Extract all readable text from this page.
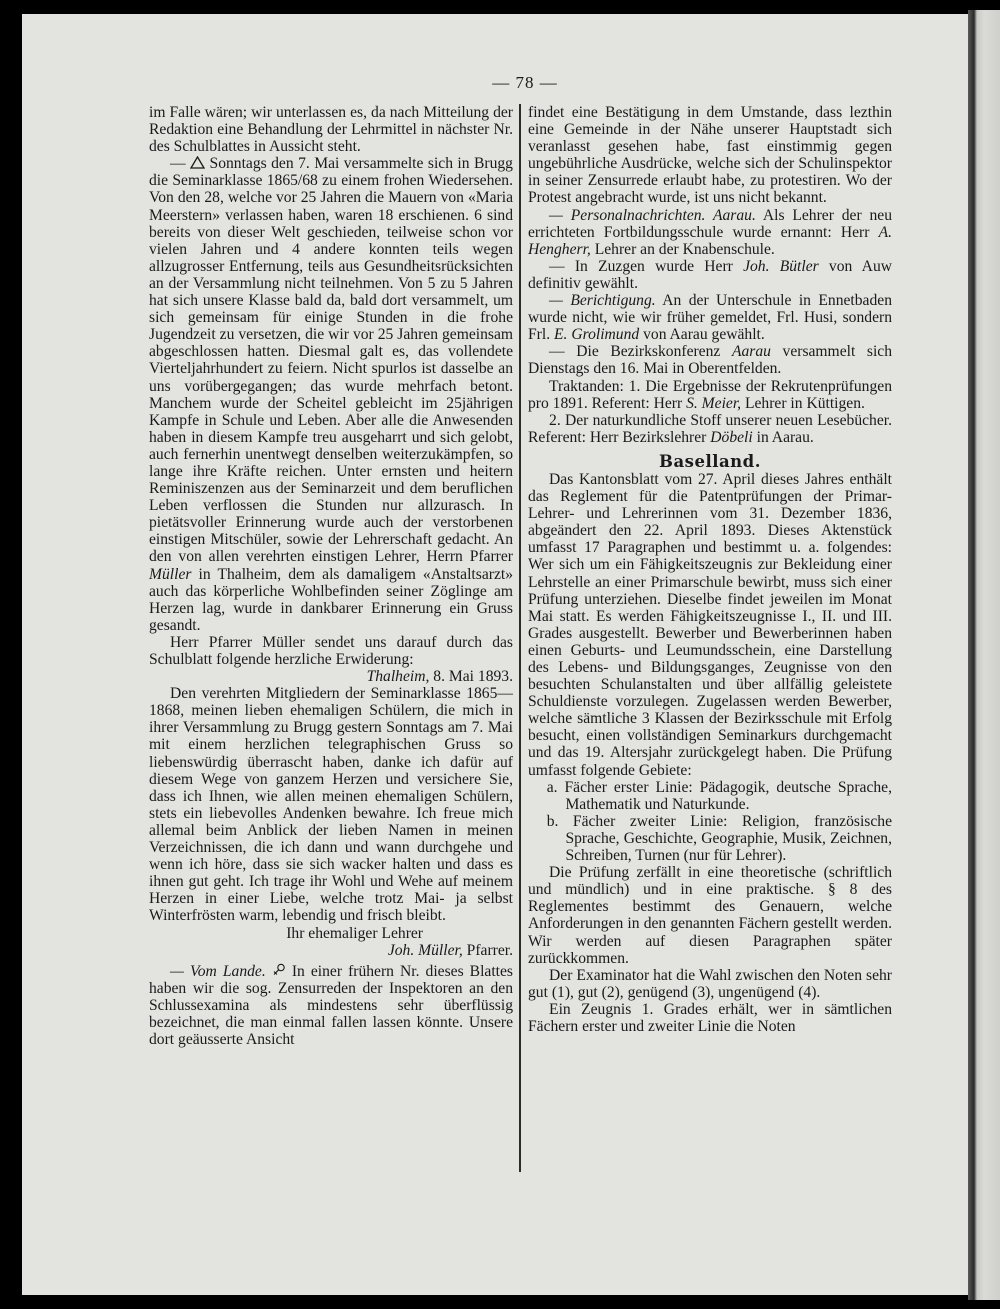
— 78 —

im Falle wären; wir unterlassen es, da nach Mitteilung der Redaktion eine Behandlung der Lehrmittel in nächster Nr. des Schulblattes in Aussicht steht.

— Sonntags den 7. Mai versammelte sich in Brugg die Seminarklasse 1865/68 zu einem frohen Wiedersehen. Von den 28, welche vor 25 Jahren die Mauern von «Maria Meerstern» verlassen haben, waren 18 erschienen. 6 sind bereits von dieser Welt geschieden, teilweise schon vor vielen Jahren und 4 andere konnten teils wegen allzugrosser Entfernung, teils aus Gesundheitsrücksichten an der Versammlung nicht teilnehmen. Von 5 zu 5 Jahren hat sich unsere Klasse bald da, bald dort versammelt, um sich gemeinsam für einige Stunden in die frohe Jugendzeit zu versetzen, die wir vor 25 Jahren gemeinsam abgeschlossen hatten. Diesmal galt es, das vollendete Vierteljahrhundert zu feiern. Nicht spurlos ist dasselbe an uns vorübergegangen; das wurde mehrfach betont. Manchem wurde der Scheitel gebleicht im 25jährigen Kampfe in Schule und Leben. Aber alle die Anwesenden haben in diesem Kampfe treu ausgeharrt und sich gelobt, auch fernerhin unentwegt denselben weiterzukämpfen, so lange ihre Kräfte reichen. Unter ernsten und heitern Reminiszenzen aus der Seminarzeit und dem beruflichen Leben verflossen die Stunden nur allzurasch. In pietätsvoller Erinnerung wurde auch der verstorbenen einstigen Mitschüler, sowie der Lehrerschaft gedacht. An den von allen verehrten einstigen Lehrer, Herrn Pfarrer Müller in Thalheim, dem als damaligem «Anstaltsarzt» auch das körperliche Wohlbefinden seiner Zöglinge am Herzen lag, wurde in dankbarer Erinnerung ein Gruss gesandt.

Herr Pfarrer Müller sendet uns darauf durch das Schulblatt folgende herzliche Erwiderung:

Thalheim, 8. Mai 1893.

Den verehrten Mitgliedern der Seminarklasse 1865—1868, meinen lieben ehemaligen Schülern, die mich in ihrer Versammlung zu Brugg gestern Sonntags am 7. Mai mit einem herzlichen telegraphischen Gruss so liebenswürdig überrascht haben, danke ich dafür auf diesem Wege von ganzem Herzen und versichere Sie, dass ich Ihnen, wie allen meinen ehemaligen Schülern, stets ein liebevolles Andenken bewahre. Ich freue mich allemal beim Anblick der lieben Namen in meinen Verzeichnissen, die ich dann und wann durchgehe und wenn ich höre, dass sie sich wacker halten und dass es ihnen gut geht. Ich trage ihr Wohl und Wehe auf meinem Herzen in einer Liebe, welche trotz Mai- ja selbst Winterfrösten warm, lebendig und frisch bleibt.

Ihr ehemaliger Lehrer

Joh. Müller, Pfarrer.

— Vom Lande. In einer frühern Nr. dieses Blattes haben wir die sog. Zensurreden der Inspektoren an den Schlussexamina als mindestens sehr überflüssig bezeichnet, die man einmal fallen lassen könnte. Unsere dort geäusserte Ansicht

findet eine Bestätigung in dem Umstande, dass lezthin eine Gemeinde in der Nähe unserer Hauptstadt sich veranlasst gesehen habe, fast einstimmig gegen ungebührliche Ausdrücke, welche sich der Schulinspektor in seiner Zensurrede erlaubt habe, zu protestiren. Wo der Protest angebracht wurde, ist uns nicht bekannt.

— Personalnachrichten. Aarau. Als Lehrer der neu errichteten Fortbildungsschule wurde ernannt: Herr A. Hengherr, Lehrer an der Knabenschule.

— In Zuzgen wurde Herr Joh. Bütler von Auw definitiv gewählt.

— Berichtigung. An der Unterschule in Ennetbaden wurde nicht, wie wir früher gemeldet, Frl. Husi, sondern Frl. E. Grolimund von Aarau gewählt.

— Die Bezirkskonferenz Aarau versammelt sich Dienstags den 16. Mai in Oberentfelden.

Traktanden: 1. Die Ergebnisse der Rekrutenprüfungen pro 1891. Referent: Herr S. Meier, Lehrer in Küttigen.

2. Der naturkundliche Stoff unserer neuen Lesebücher. Referent: Herr Bezirkslehrer Döbeli in Aarau.

Baselland.

Das Kantonsblatt vom 27. April dieses Jahres enthält das Reglement für die Patentprüfungen der Primar-Lehrer- und Lehrerinnen vom 31. Dezember 1836, abgeändert den 22. April 1893. Dieses Aktenstück umfasst 17 Paragraphen und bestimmt u. a. folgendes: Wer sich um ein Fähigkeitszeugnis zur Bekleidung einer Lehrstelle an einer Primarschule bewirbt, muss sich einer Prüfung unterziehen. Dieselbe findet jeweilen im Monat Mai statt. Es werden Fähigkeitszeugnisse I., II. und III. Grades ausgestellt. Bewerber und Bewerberinnen haben einen Geburts- und Leumundsschein, eine Darstellung des Lebens- und Bildungsganges, Zeugnisse von den besuchten Schulanstalten und über allfällig geleistete Schuldienste vorzulegen. Zugelassen werden Bewerber, welche sämtliche 3 Klassen der Bezirksschule mit Erfolg besucht, einen vollständigen Seminarkurs durchgemacht und das 19. Altersjahr zurückgelegt haben. Die Prüfung umfasst folgende Gebiete:

a. Fächer erster Linie: Pädagogik, deutsche Sprache, Mathematik und Naturkunde.

b. Fächer zweiter Linie: Religion, französische Sprache, Geschichte, Geographie, Musik, Zeichnen, Schreiben, Turnen (nur für Lehrer).

Die Prüfung zerfällt in eine theoretische (schriftlich und mündlich) und in eine praktische. § 8 des Reglementes bestimmt des Genauern, welche Anforderungen in den genannten Fächern gestellt werden. Wir werden auf diesen Paragraphen später zurückkommen.

Der Examinator hat die Wahl zwischen den Noten sehr gut (1), gut (2), genügend (3), ungenügend (4).

Ein Zeugnis 1. Grades erhält, wer in sämtlichen Fächern erster und zweiter Linie die Noten
